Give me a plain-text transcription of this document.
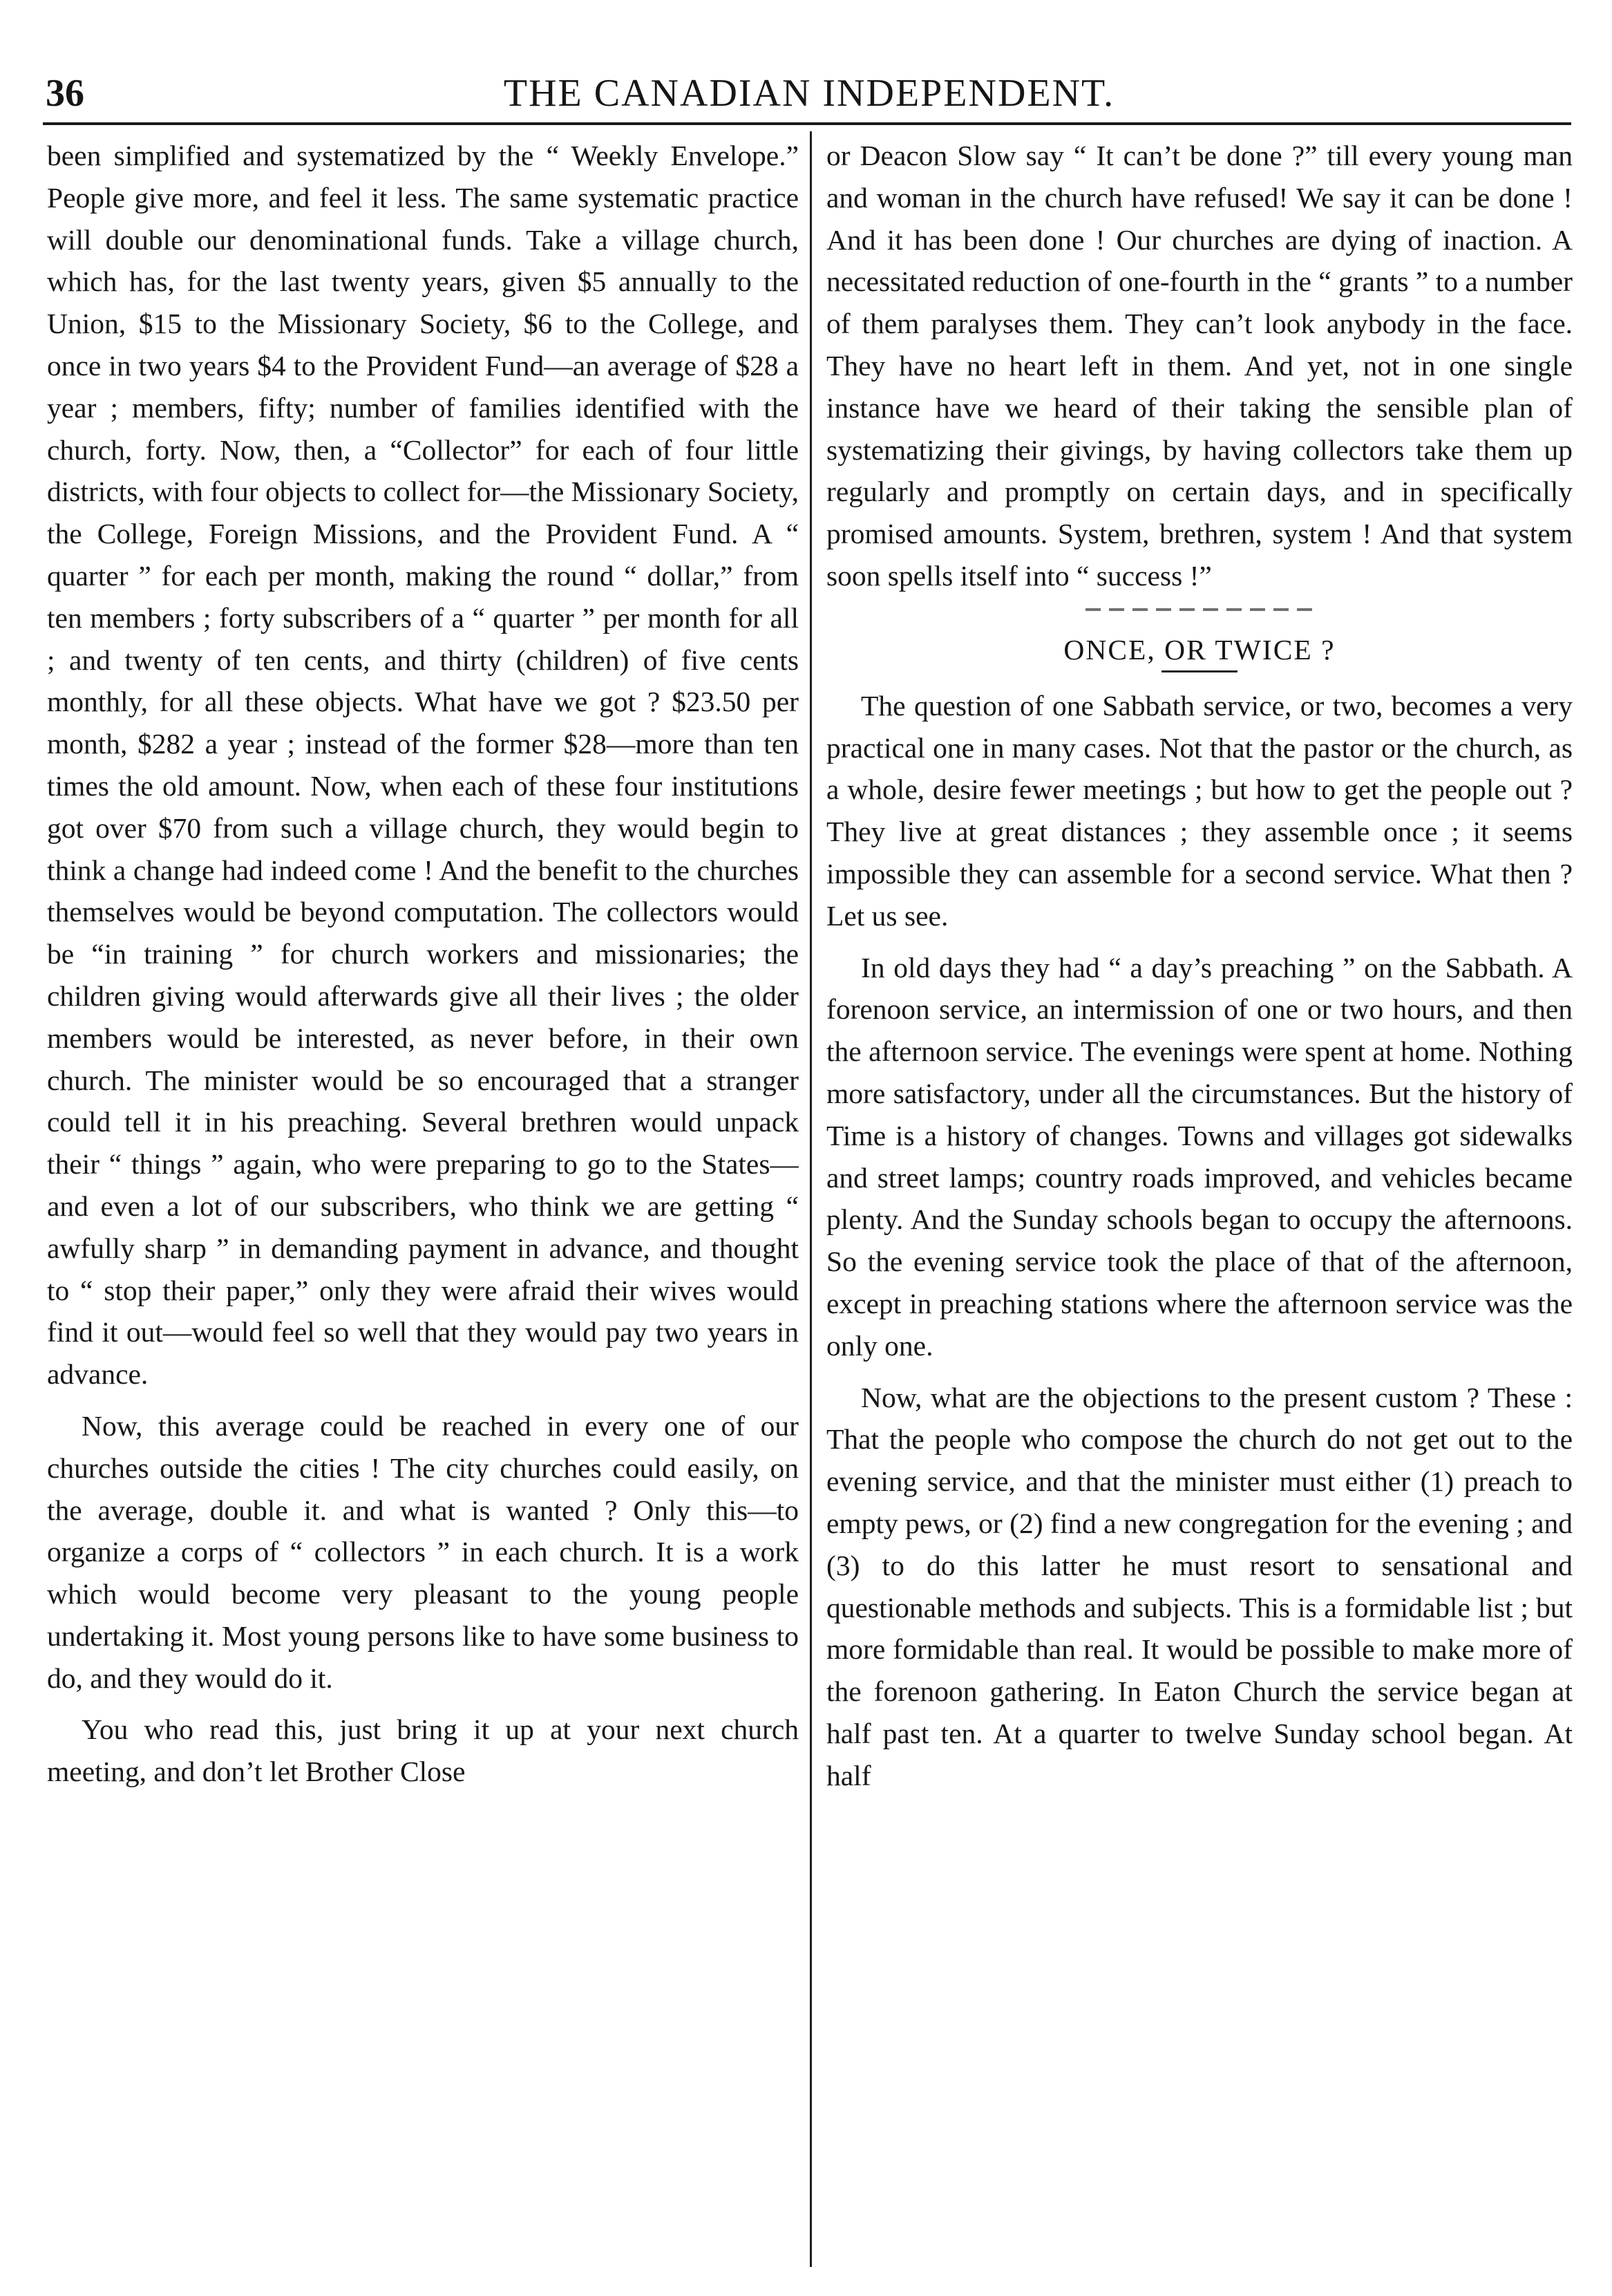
36	THE CANADIAN INDEPENDENT.

been simplified and systematized by the “ Weekly Envelope.” People give more, and feel it less. The same systematic practice will double our denominational funds. Take a village church, which has, for the last twenty years, given $5 annually to the Union, $15 to the Missionary Society, $6 to the College, and once in two years $4 to the Provident Fund—an average of $28 a year ; members, fifty; number of families identified with the church, forty. Now, then, a “Collector” for each of four little districts, with four objects to collect for—the Missionary Society, the College, Foreign Missions, and the Provident Fund. A “ quarter ” for each per month, making the round “ dollar,” from ten members ; forty subscribers of a “ quarter ” per month for all ; and twenty of ten cents, and thirty (children) of five cents monthly, for all these objects. What have we got ? $23.50 per month, $282 a year ; instead of the former $28—more than ten times the old amount. Now, when each of these four institutions got over $70 from such a village church, they would begin to think a change had indeed come ! And the benefit to the churches themselves would be beyond computation. The collectors would be “in training ” for church workers and missionaries; the children giving would afterwards give all their lives ; the older members would be interested, as never before, in their own church. The minister would be so encouraged that a stranger could tell it in his preaching. Several brethren would unpack their “ things ” again, who were preparing to go to the States—and even a lot of our subscribers, who think we are getting “ awfully sharp ” in demanding payment in advance, and thought to “ stop their paper,” only they were afraid their wives would find it out—would feel so well that they would pay two years in advance.

Now, this average could be reached in every one of our churches outside the cities ! The city churches could easily, on the average, double it. and what is wanted ? Only this—to organize a corps of “ collectors ” in each church. It is a work which would become very pleasant to the young people undertaking it. Most young persons like to have some business to do, and they would do it.

You who read this, just bring it up at your next church meeting, and don’t let Brother Close

or Deacon Slow say “ It can’t be done ?” till every young man and woman in the church have refused! We say it can be done ! And it has been done ! Our churches are dying of inaction. A necessitated reduction of one-fourth in the “ grants ” to a number of them paralyses them. They can’t look anybody in the face. They have no heart left in them. And yet, not in one single instance have we heard of their taking the sensible plan of systematizing their givings, by having collectors take them up regularly and promptly on certain days, and in specifically promised amounts. System, brethren, system ! And that system soon spells itself into “ success !”

ONCE, OR TWICE ?

The question of one Sabbath service, or two, becomes a very practical one in many cases. Not that the pastor or the church, as a whole, desire fewer meetings ; but how to get the people out ? They live at great distances ; they assemble once ; it seems impossible they can assemble for a second service. What then ? Let us see.

In old days they had “ a day’s preaching ” on the Sabbath. A forenoon service, an intermission of one or two hours, and then the afternoon service. The evenings were spent at home. Nothing more satisfactory, under all the circumstances. But the history of Time is a history of changes. Towns and villages got sidewalks and street lamps; country roads improved, and vehicles became plenty. And the Sunday schools began to occupy the afternoons. So the evening service took the place of that of the afternoon, except in preaching stations where the afternoon service was the only one.

Now, what are the objections to the present custom ? These : That the people who compose the church do not get out to the evening service, and that the minister must either (1) preach to empty pews, or (2) find a new congregation for the evening ; and (3) to do this latter he must resort to sensational and questionable methods and subjects. This is a formidable list ; but more formidable than real. It would be possible to make more of the forenoon gathering. In Eaton Church the service began at half past ten. At a quarter to twelve Sunday school began. At half
